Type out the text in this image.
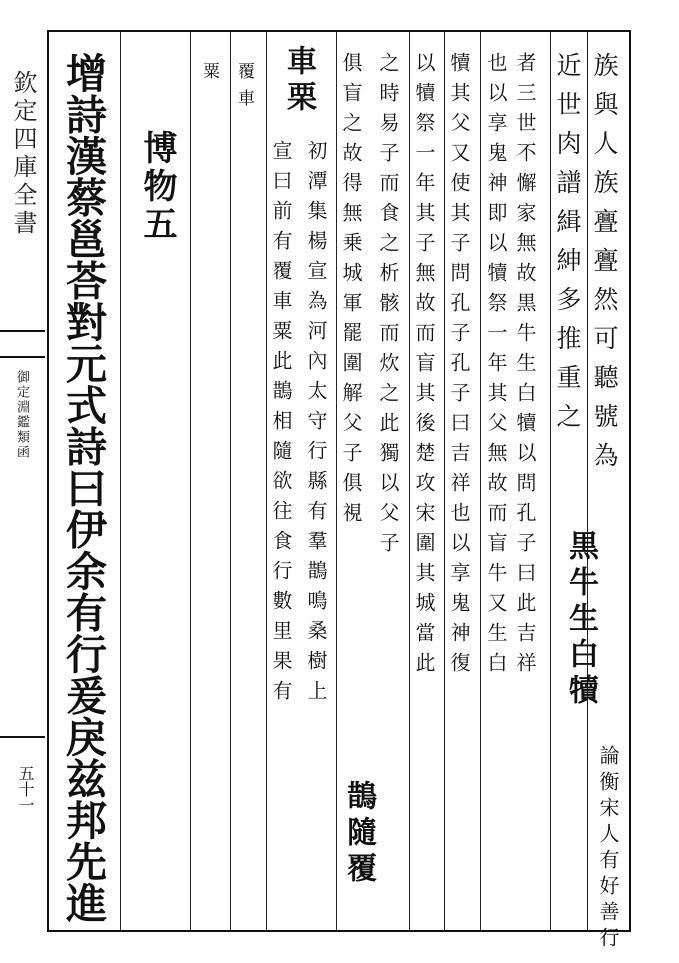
欽定四庫全書
御定淵鑑類函
五十一
族與人族亹亹然可聽號為
近世肉譜緝紳多推重之
黒牛生白犢
論衡宋人有好善行
者三世不懈家無故黒牛生白犢以問孔子曰此吉祥
也以享鬼神即以犢祭一年其父無故而盲牛又生白
犢其父又使其子問孔子孔子曰吉祥也以享鬼神復
以犢祭一年其子無故而盲其後楚攻宋圍其城當此
之時易子而食之析骸而炊之此獨以父子
俱盲之故得無乗城軍罷圍解父子俱視
鵲隨覆
車栗
初潭集楊宣為河內太守行縣有羣鵲鳴桑樹上
宣曰前有覆車粟此鵲相隨欲往食行數里果有
覆車
粟
博物五
增詩漢蔡邕荅對元式詩曰伊余有行爰戾兹邦先進
